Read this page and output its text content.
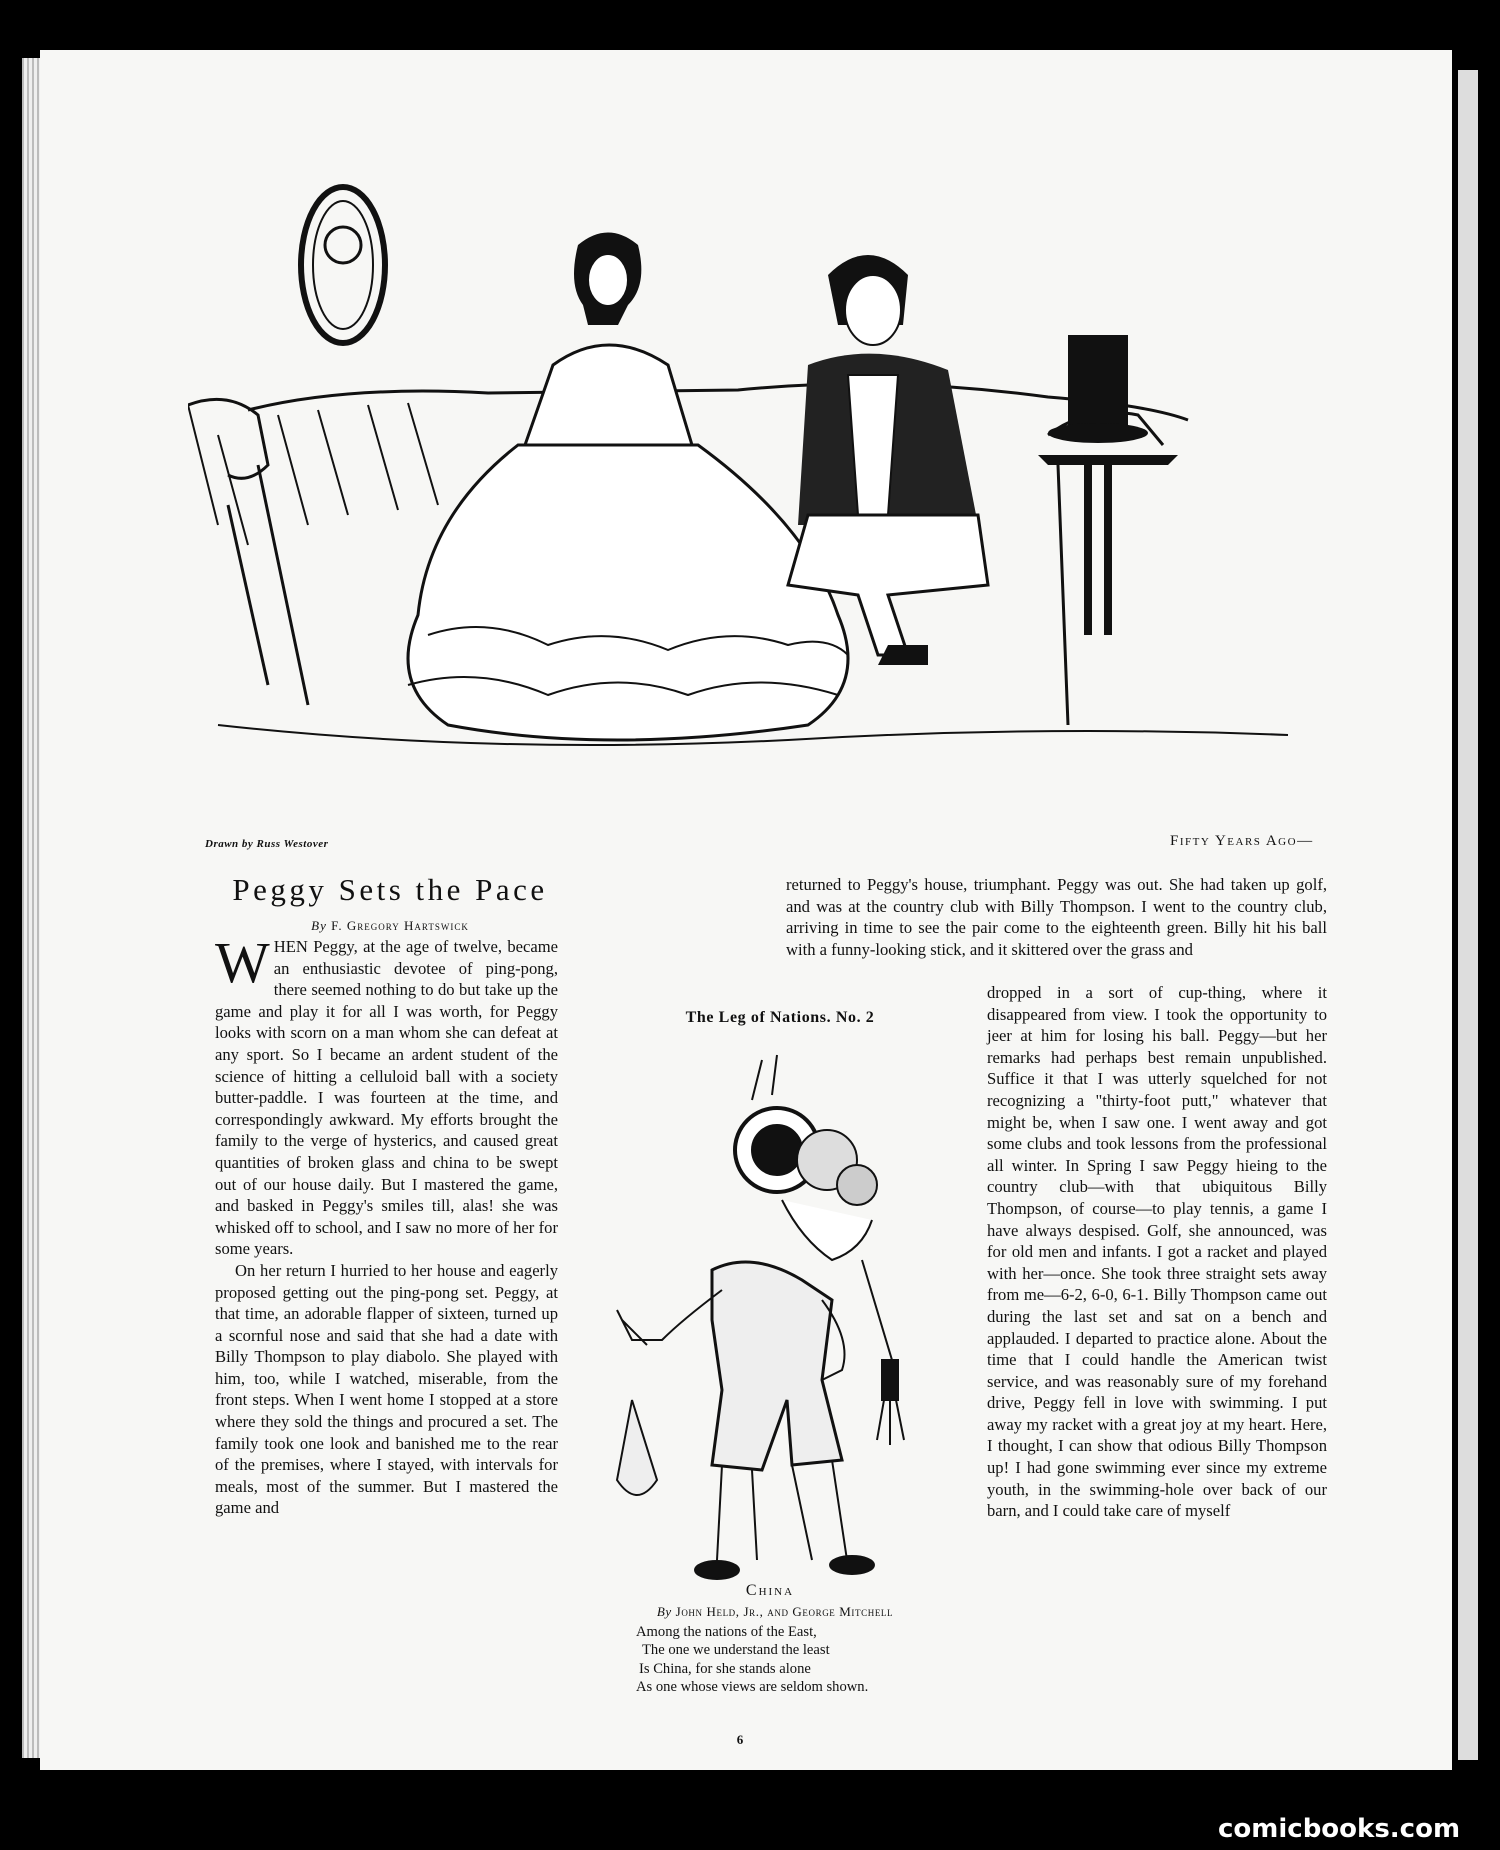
Drawn by Russ Westover	Fifty Years Ago—
Peggy Sets the Pace
By F. Gregory Hartswick

WHEN Peggy, at the age of twelve, became an enthusiastic devotee of ping-pong, there seemed nothing to do but take up the game and play it for all I was worth, for Peggy looks with scorn on a man whom she can defeat at any sport. So I became an ardent student of the science of hitting a celluloid ball with a society butter-paddle. I was fourteen at the time, and correspondingly awkward. My efforts brought the family to the verge of hysterics, and caused great quantities of broken glass and china to be swept out of our house daily. But I mastered the game, and basked in Peggy's smiles till, alas! she was whisked off to school, and I saw no more of her for some years.

On her return I hurried to her house and eagerly proposed getting out the ping-pong set. Peggy, at that time, an adorable flapper of sixteen, turned up a scornful nose and said that she had a date with Billy Thompson to play diabolo. She played with him, too, while I watched, miserable, from the front steps. When I went home I stopped at a store where they sold the things and procured a set. The family took one look and banished me to the rear of the premises, where I stayed, with intervals for meals, most of the summer. But I mastered the game and

returned to Peggy's house, triumphant. Peggy was out. She had taken up golf, and was at the country club with Billy Thompson. I went to the country club, arriving in time to see the pair come to the eighteenth green. Billy hit his ball with a funny-looking stick, and it skittered over the grass and
The Leg of Nations. No. 2
China
By John Held, Jr., and George Mitchell
Among the nations of the East,
The one we understand the least
Is China, for she stands alone
As one whose views are seldom shown.
dropped in a sort of cup-thing, where it disappeared from view. I took the opportunity to jeer at him for losing his ball. Peggy—but her remarks had perhaps best remain unpublished. Suffice it that I was utterly squelched for not recognizing a "thirty-foot putt," whatever that might be, when I saw one. I went away and got some clubs and took lessons from the professional all winter. In Spring I saw Peggy hieing to the country club—with that ubiquitous Billy Thompson, of course—to play tennis, a game I have always despised. Golf, she announced, was for old men and infants. I got a racket and played with her—once. She took three straight sets away from me—6-2, 6-0, 6-1. Billy Thompson came out during the last set and sat on a bench and applauded. I departed to practice alone. About the time that I could handle the American twist service, and was reasonably sure of my forehand drive, Peggy fell in love with swimming. I put away my racket with a great joy at my heart. Here, I thought, I can show that odious Billy Thompson up! I had gone swimming ever since my extreme youth, in the swimming-hole over back of our barn, and I could take care of myself
6
comicbooks.com
